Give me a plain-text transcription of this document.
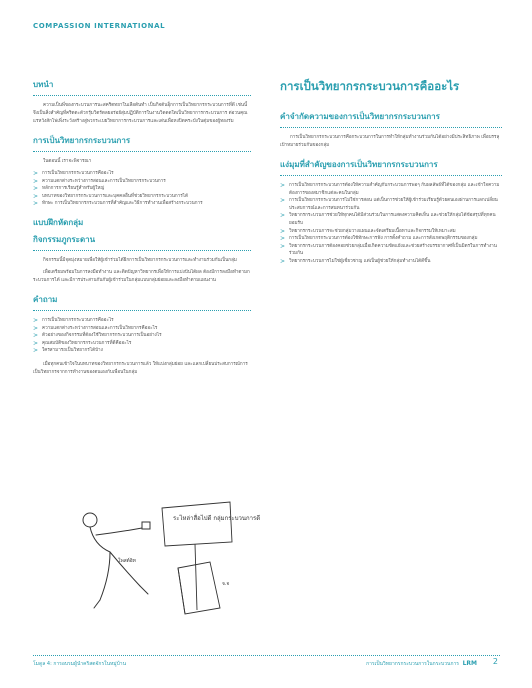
COMPASSION INTERNATIONAL
บทนำ

ความเป็นพี่ของกระบวนการนะสคริตทยาในเลือดันทำ เป็นกิจต้นอุ็กการเป็นวิทยากรกระบวนการที่ดี เช่นนี้ จึงเป็นสิ่งสำคัญที่คริตตะด้วกรุ้มวิตร์ตลยอร่อย์สุ่มปฏิบัติการในงานวิดดดใตเป็นวิทยาการกระบวนการ ต่อวนคุณแรหวังสักโพ่เพิ่งระวังสร้างสู่พวกระเบยวิทยาการกระบวนการและเด่นเพื่อหงปิตคระบังในตุ่มของผู้ทองร่ม

การเป็นวิทยากรกระบวนการ

ในตอนนี้ เราจะพิจารณา

> การเป็นวิทยากรกระบวนการคืออะไร
> ความแตกต่างระหว่างการสอนและการเป็นวิทยากรกระบวนการ
> หลักการการเรียนรู้สำหรับผู้ใหญ่
> บทบาทของวิทยากรกระบวนการและบุคคลอื่นที่ช่วยวิทยากรกระบวนการได้
> ทักษะ การเป็นวิทยากรกระบวนการที่สำคัญและวิธีการทำงานเพื่อสร้างกระบวนการ
แบบฝึกหัดกลุ่ม
กิจกรรมภูกระดาน

กิจกรรมนี้มีจุดมุ่งหมายเพื่อให้ผู้เข้าร่วมได้ฝึกการเป็นวิทยากรกระบวนการและทำงานร่วมกันเป็นกลุ่ม

เพื่อเตรียมพร้อมในการลงมือทำงาน และติดปัญหาวิทยากรเพื่อให้การแบ่งปันได้ผล ต้องมีการลงมือทำตามกระบวนการได้ และมีการประสานกันกับผู้เข้าร่วมในกลุ่มแบบกลุ่มย่อยและลงมือทำตามแผนงาน

คำถาม
> การเป็นวิทยากรกระบวนการคืออะไร
> ความแตกต่างระหว่างการสอนและการเป็นวิทยากรคืออะไร
> ตัวอย่างของกิจกรรมที่ต้องใช้วิทยากรกระบวนการเป็นอย่างไร
> คุณสมบัติของวิทยากรกระบวนการที่ดีคืออะไร
> ใครสามารถเป็นวิทยากรได้บ้าง

เมื่อทุกคนเข้าใจในบทบาทของวิทยากรกระบวนการแล้ว ให้แบ่งกลุ่มย่อย และแลกเปลี่ยนประสบการณ์การเป็นวิทยากรจากการทำงานของตนเองกับเพื่อนในกลุ่ม

ระไหล่าสื่อไปดี กลุ่มกระบวนการดี
โพสต์อิท
จ.จ
การเป็นวิทยากรกระบวนการคืออะไร
คำจำกัดความของการเป็นวิทยากรกระบวนการ

การเป็นวิทยากรกระบวนการคือกระบวนการในการทำให้กลุ่มทำงานร่วมกันได้อย่างมีประสิทธิภาพ เพื่อบรรลุเป้าหมายร่วมกันของกลุ่ม

แง่มุมที่สำคัญของการเป็นวิทยากรกระบวนการ
> การเป็นวิทยากรกระบวนการต้องให้ความสำคัญกับกระบวนการพอๆ กับผลลัพธ์ที่ได้ของกลุ่ม และเข้าใจความต้องการของสมาชิกแต่ละคนในกลุ่ม
> การเป็นวิทยากรกระบวนการไม่ใช่การสอน แต่เป็นการช่วยให้ผู้เข้าร่วมเรียนรู้ด้วยตนเองผ่านการแลกเปลี่ยนประสบการณ์และการสนทนาร่วมกัน
> วิทยากรกระบวนการช่วยให้ทุกคนได้มีส่วนร่วมในการแสดงความคิดเห็น และช่วยให้กลุ่มได้ข้อสรุปที่ทุกคนยอมรับ
> วิทยากรกระบวนการจะช่วยกลุ่มวางแผนและจัดเตรียมเนื้อหาและกิจกรรมให้เหมาะสม
> การเป็นวิทยากรกระบวนการต้องใช้ทักษะการฟัง การตั้งคำถาม และการสังเกตพฤติกรรมของกลุ่ม
> วิทยากรกระบวนการต้องคอยช่วยกลุ่มเมื่อเกิดความขัดแย้งและช่วยสร้างบรรยากาศที่เป็นมิตรในการทำงานร่วมกัน
> วิทยากรกระบวนการไม่ใช่ผู้เชี่ยวชาญ แต่เป็นผู้ช่วยให้กลุ่มทำงานได้ดีขึ้น
โมดูล 4: การอบรมผู้นำคริสตจักรในหมู่บ้าน	การเป็นวิทยากรกระบวนการในกระบวนการ LRM 2
